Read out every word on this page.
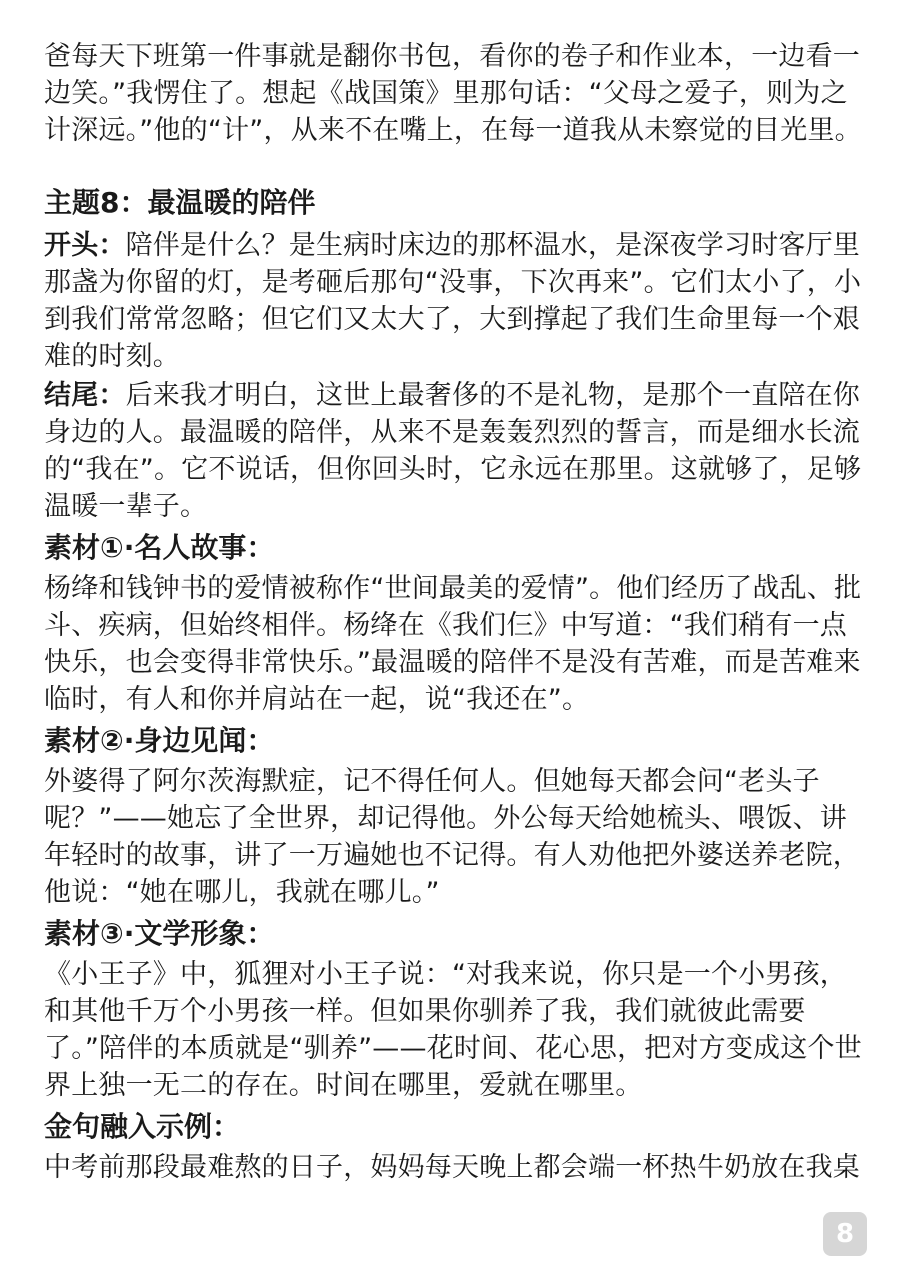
爸每天下班第一件事就是翻你书包，看你的卷子和作业本，一边看一边笑。”我愣住了。想起《战国策》里那句话：“父母之爱子，则为之计深远。”他的“计”，从来不在嘴上，在每一道我从未察觉的目光里。

主题8：最温暖的陪伴

开头：陪伴是什么？是生病时床边的那杯温水，是深夜学习时客厅里那盏为你留的灯，是考砸后那句“没事，下次再来”。它们太小了，小到我们常常忽略；但它们又太大了，大到撑起了我们生命里每一个艰难的时刻。

结尾：后来我才明白，这世上最奢侈的不是礼物，是那个一直陪在你身边的人。最温暖的陪伴，从来不是轰轰烈烈的誓言，而是细水长流的“我在”。它不说话，但你回头时，它永远在那里。这就够了，足够温暖一辈子。

素材①·名人故事：

杨绛和钱钟书的爱情被称作“世间最美的爱情”。他们经历了战乱、批斗、疾病，但始终相伴。杨绛在《我们仨》中写道：“我们稍有一点快乐，也会变得非常快乐。”最温暖的陪伴不是没有苦难，而是苦难来临时，有人和你并肩站在一起，说“我还在”。

素材②·身边见闻：

外婆得了阿尔茨海默症，记不得任何人。但她每天都会问“老头子呢？”——她忘了全世界，却记得他。外公每天给她梳头、喂饭、讲年轻时的故事，讲了一万遍她也不记得。有人劝他把外婆送养老院，他说：“她在哪儿，我就在哪儿。”

素材③·文学形象：

《小王子》中，狐狸对小王子说：“对我来说，你只是一个小男孩，和其他千万个小男孩一样。但如果你驯养了我，我们就彼此需要了。”陪伴的本质就是“驯养”——花时间、花心思，把对方变成这个世界上独一无二的存在。时间在哪里，爱就在哪里。

金句融入示例：

中考前那段最难熬的日子，妈妈每天晚上都会端一杯热牛奶放在我桌

8
